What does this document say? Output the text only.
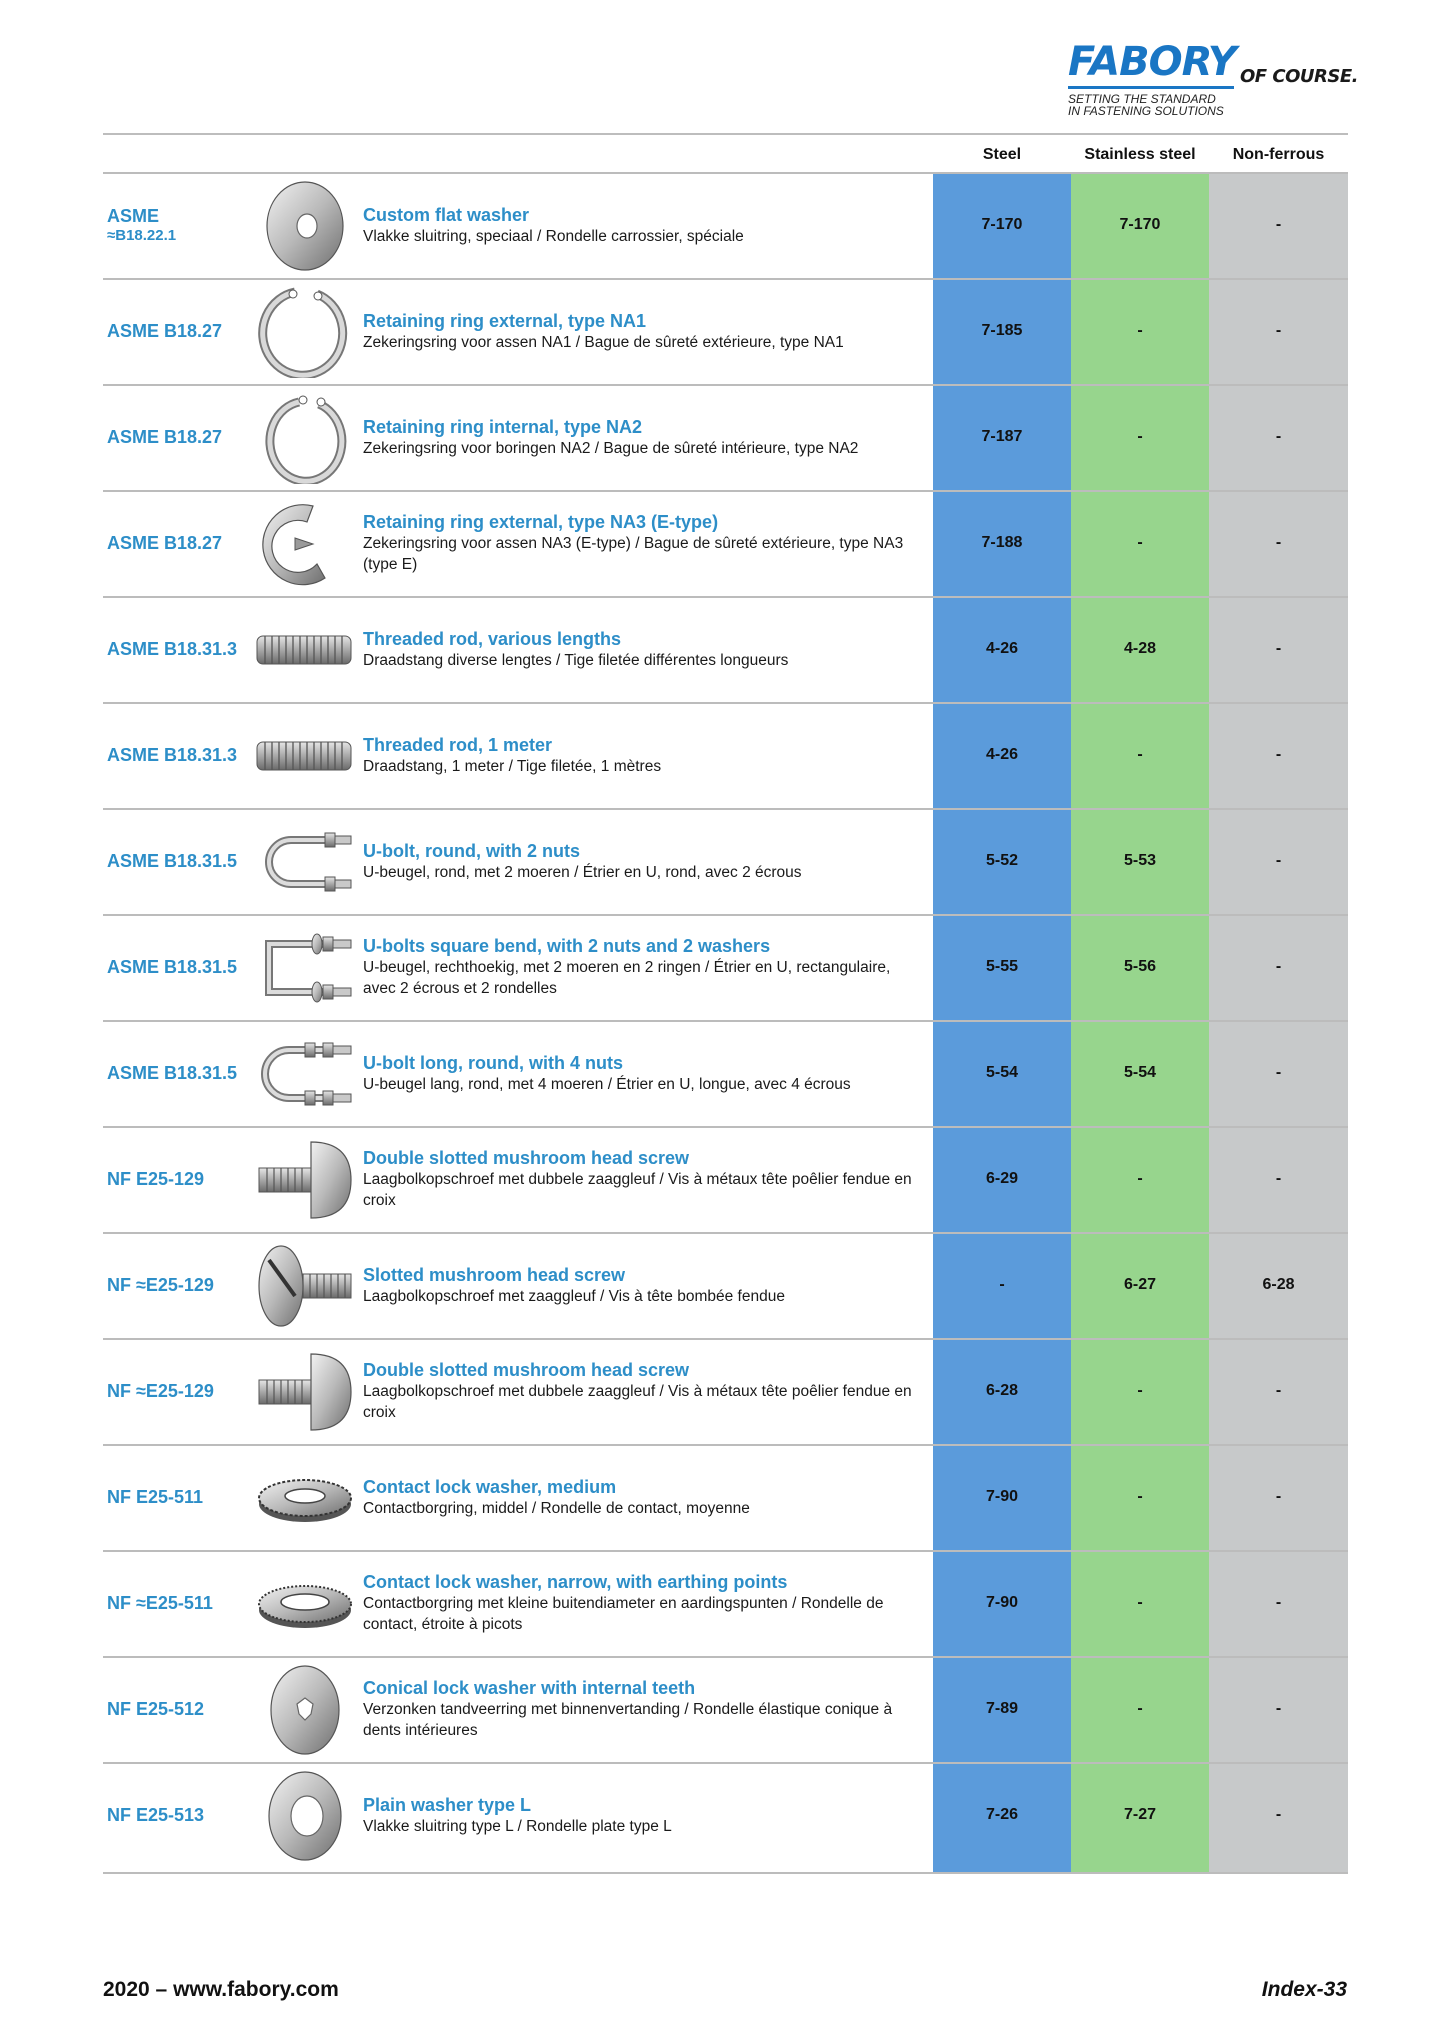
FABORY OF COURSE.
SETTING THE STANDARD
IN FASTENING SOLUTIONS
Steel	Stainless steel	Non-ferrous
ASME
≈B18.22.1
Custom flat washer
Vlakke sluitring, speciaal / Rondelle carrossier, spéciale
7-170	7-170	-
ASME B18.27
Retaining ring external, type NA1
Zekeringsring voor assen NA1 / Bague de sûreté extérieure, type NA1
7-185	-	-
ASME B18.27
Retaining ring internal, type NA2
Zekeringsring voor boringen NA2 / Bague de sûreté intérieure, type NA2
7-187	-	-
ASME B18.27
Retaining ring external, type NA3 (E-type)
Zekeringsring voor assen NA3 (E-type) / Bague de sûreté extérieure, type NA3 (type E)
7-188	-	-
ASME B18.31.3
Threaded rod, various lengths
Draadstang diverse lengtes / Tige filetée différentes longueurs
4-26	4-28	-
ASME B18.31.3
Threaded rod, 1 meter
Draadstang, 1 meter / Tige filetée, 1 mètres
4-26	-	-
ASME B18.31.5
U-bolt, round, with 2 nuts
U-beugel, rond, met 2 moeren / Étrier en U, rond, avec 2 écrous
5-52	5-53	-
ASME B18.31.5
U-bolts square bend, with 2 nuts and 2 washers
U-beugel, rechthoekig, met 2 moeren en 2 ringen / Étrier en U, rectangulaire, avec 2 écrous et 2 rondelles
5-55	5-56	-
ASME B18.31.5
U-bolt long, round, with 4 nuts
U-beugel lang, rond, met 4 moeren / Étrier en U, longue, avec 4 écrous
5-54	5-54	-
NF E25-129
Double slotted mushroom head screw
Laagbolkopschroef met dubbele zaaggleuf / Vis à métaux tête poêlier fendue en croix
6-29	-	-
NF ≈E25-129
Slotted mushroom head screw
Laagbolkopschroef met zaaggleuf / Vis à tête bombée fendue
-	6-27	6-28
NF ≈E25-129
Double slotted mushroom head screw
Laagbolkopschroef met dubbele zaaggleuf / Vis à métaux tête poêlier fendue en croix
6-28	-	-
NF E25-511
Contact lock washer, medium
Contactborgring, middel / Rondelle de contact, moyenne
7-90	-	-
NF ≈E25-511
Contact lock washer, narrow, with earthing points
Contactborgring met kleine buitendiameter en aardingspunten / Rondelle de contact, étroite à picots
7-90	-	-
NF E25-512
Conical lock washer with internal teeth
Verzonken tandveerring met binnenvertanding / Rondelle élastique conique à dents intérieures
7-89	-	-
NF E25-513
Plain washer type L
Vlakke sluitring type L / Rondelle plate type L
7-26	7-27	-
2020 – www.fabory.com	Index-33
